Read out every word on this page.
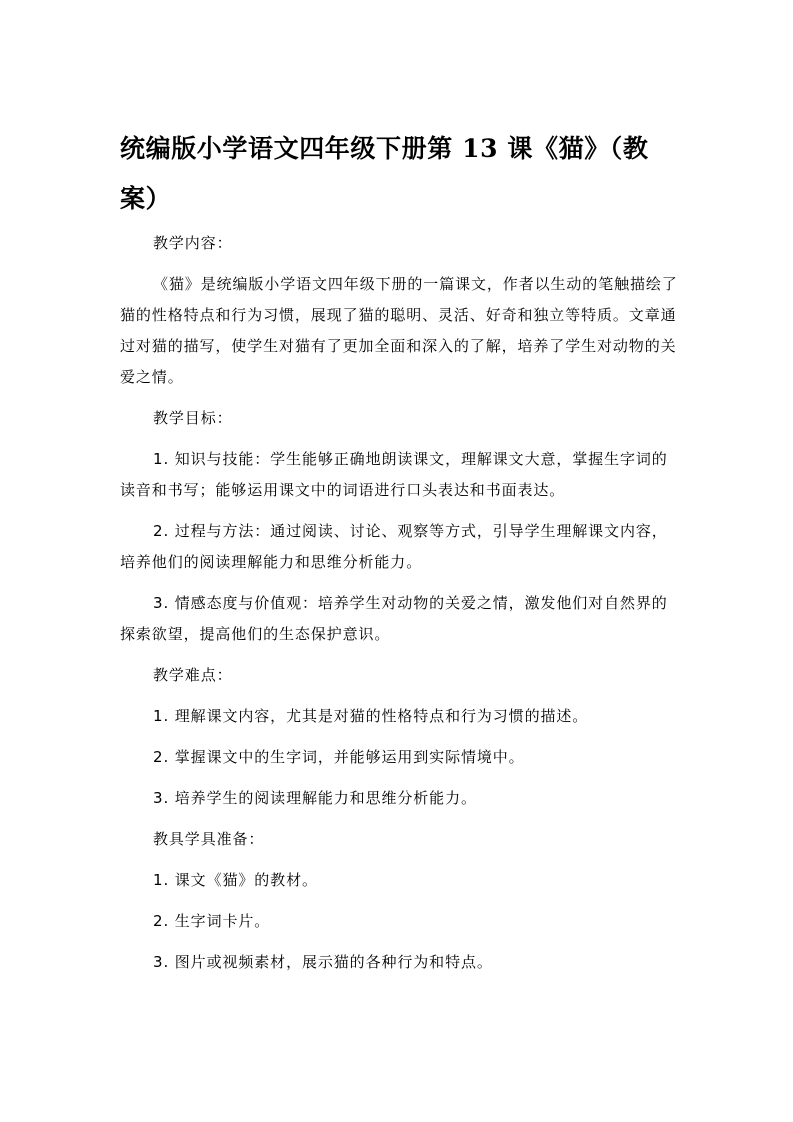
统编版小学语文四年级下册第 13 课《猫》（教案）

教学内容：

《猫》是统编版小学语文四年级下册的一篇课文，作者以生动的笔触描绘了猫的性格特点和行为习惯，展现了猫的聪明、灵活、好奇和独立等特质。文章通过对猫的描写，使学生对猫有了更加全面和深入的了解，培养了学生对动物的关爱之情。

教学目标：

1. 知识与技能：学生能够正确地朗读课文，理解课文大意，掌握生字词的读音和书写；能够运用课文中的词语进行口头表达和书面表达。

2. 过程与方法：通过阅读、讨论、观察等方式，引导学生理解课文内容，培养他们的阅读理解能力和思维分析能力。

3. 情感态度与价值观：培养学生对动物的关爱之情，激发他们对自然界的探索欲望，提高他们的生态保护意识。

教学难点：

1. 理解课文内容，尤其是对猫的性格特点和行为习惯的描述。

2. 掌握课文中的生字词，并能够运用到实际情境中。

3. 培养学生的阅读理解能力和思维分析能力。

教具学具准备：

1. 课文《猫》的教材。

2. 生字词卡片。

3. 图片或视频素材，展示猫的各种行为和特点。
